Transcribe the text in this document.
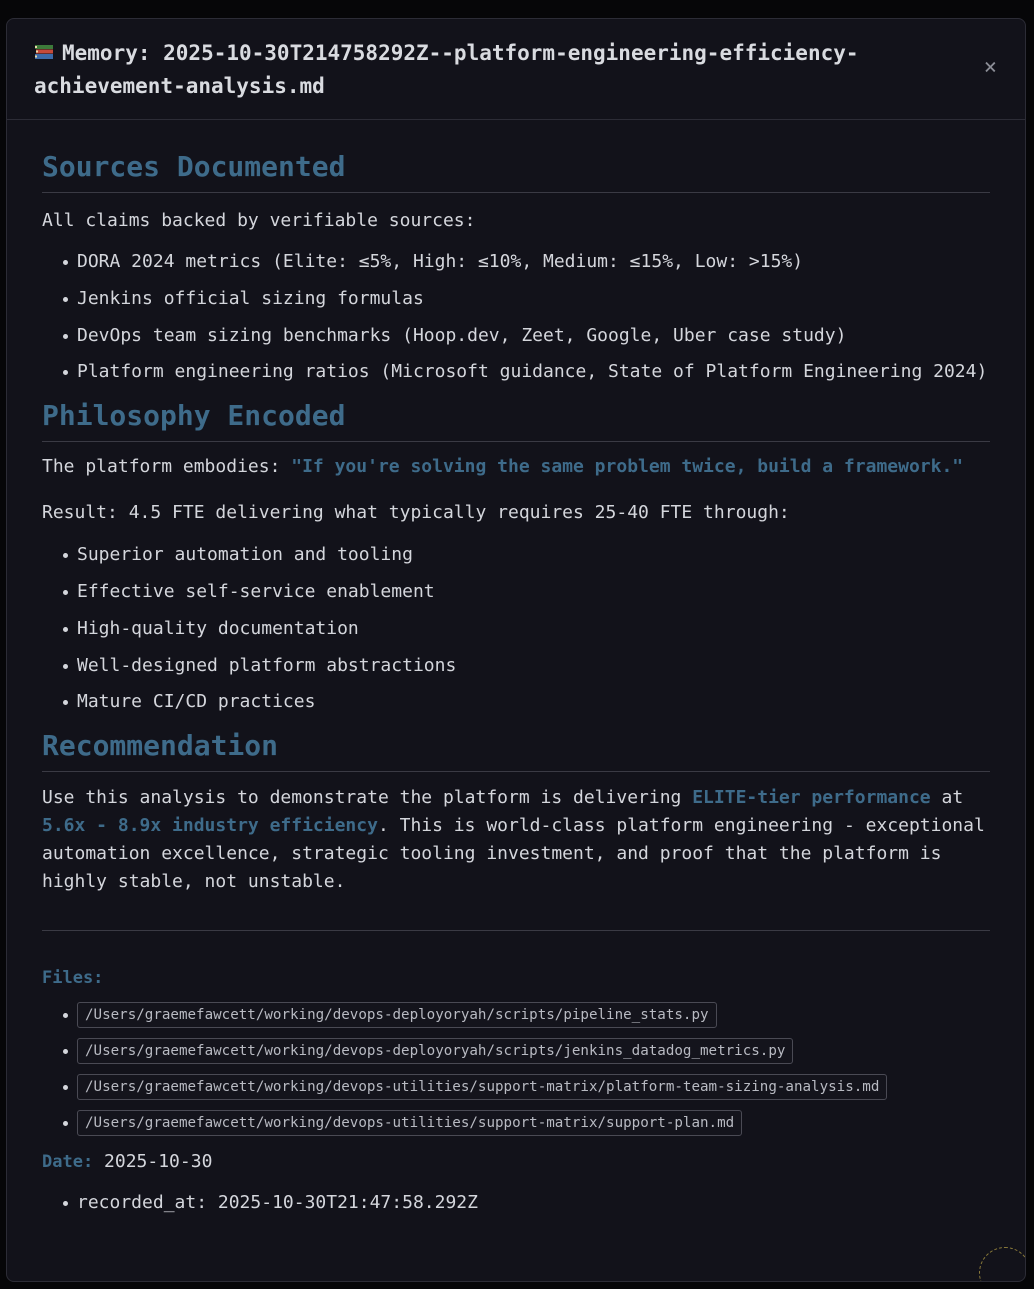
Memory: 2025-10-30T214758292Z--platform-engineering-efficiency-achievement-analysis.md
×
Sources Documented

All claims backed by verifiable sources:

DORA 2024 metrics (Elite: ≤5%, High: ≤10%, Medium: ≤15%, Low: >15%)
Jenkins official sizing formulas
DevOps team sizing benchmarks (Hoop.dev, Zeet, Google, Uber case study)
Platform engineering ratios (Microsoft guidance, State of Platform Engineering 2024)
Philosophy Encoded

The platform embodies: "If you're solving the same problem twice, build a framework."

Result: 4.5 FTE delivering what typically requires 25-40 FTE through:

Superior automation and tooling
Effective self-service enablement
High-quality documentation
Well-designed platform abstractions
Mature CI/CD practices
Recommendation

Use this analysis to demonstrate the platform is delivering ELITE-tier performance at 5.6x - 8.9x industry efficiency. This is world-class platform engineering - exceptional automation excellence, strategic tooling investment, and proof that the platform is highly stable, not unstable.

Files:
/Users/graemefawcett/working/devops-deployoryah/scripts/pipeline_stats.py
/Users/graemefawcett/working/devops-deployoryah/scripts/jenkins_datadog_metrics.py
/Users/graemefawcett/working/devops-utilities/support-matrix/platform-team-sizing-analysis.md
/Users/graemefawcett/working/devops-utilities/support-matrix/support-plan.md

Date: 2025-10-30

recorded_at: 2025-10-30T21:47:58.292Z
